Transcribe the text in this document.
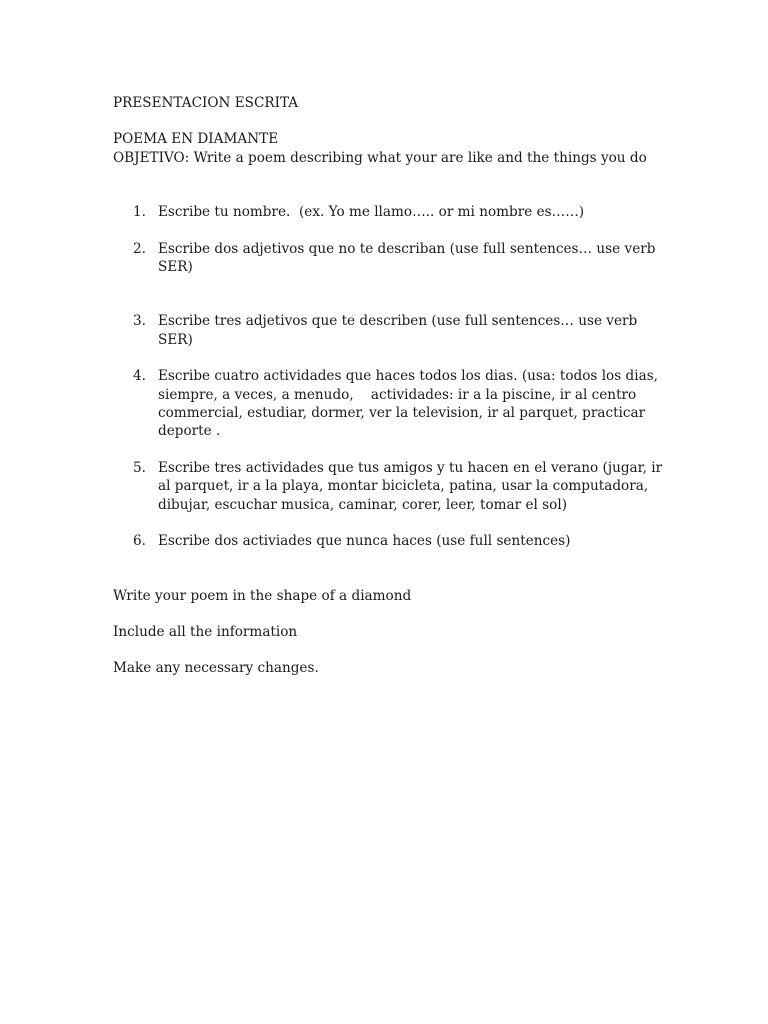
PRESENTACION ESCRITA

POEMA EN DIAMANTE

OBJETIVO: Write a poem describing what your are like and the things you do

1. Escribe tu nombre.  (ex. Yo me llamo….. or mi nombre es……)
2. Escribe dos adjetivos que no te describan (use full sentences… use verb SER)
3. Escribe tres adjetivos que te describen (use full sentences… use verb SER)
4. Escribe cuatro actividades que haces todos los dias. (usa: todos los dias, siempre, a veces, a menudo,    actividades: ir a la piscine, ir al centro commercial, estudiar, dormer, ver la television, ir al parquet, practicar deporte .
5. Escribe tres actividades que tus amigos y tu hacen en el verano (jugar, ir al parquet, ir a la playa, montar bicicleta, patina, usar la computadora, dibujar, escuchar musica, caminar, corer, leer, tomar el sol)
6. Escribe dos activiades que nunca haces (use full sentences)

Write your poem in the shape of a diamond

Include all the information

Make any necessary changes.
